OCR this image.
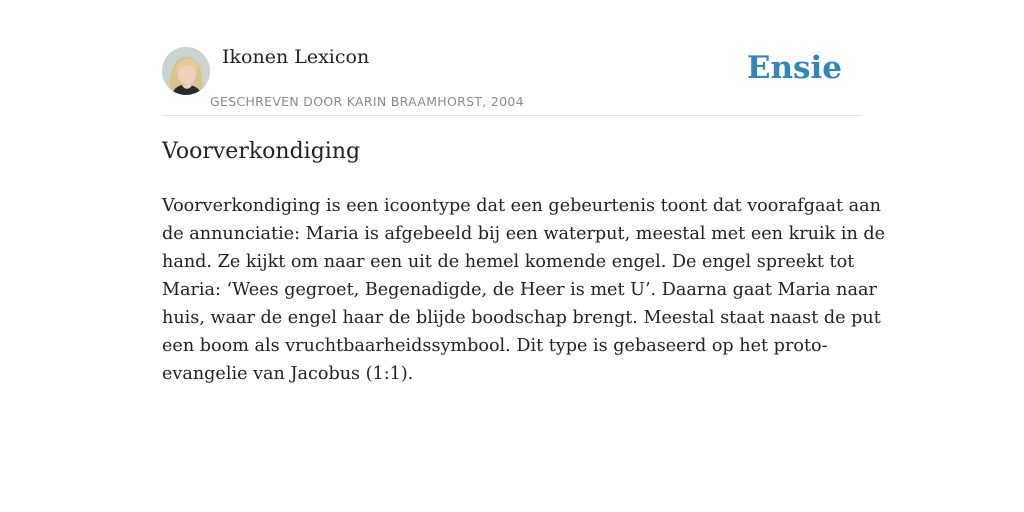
Ikonen Lexicon
GESCHREVEN DOOR KARIN BRAAMHORST, 2004
Ensie
Voorverkondiging

Voorverkondiging is een icoontype dat een gebeurtenis toont dat voorafgaat aan
de annunciatie: Maria is afgebeeld bij een waterput, meestal met een kruik in de
hand. Ze kijkt om naar een uit de hemel komende engel. De engel spreekt tot
Maria: ‘Wees gegroet, Begenadigde, de Heer is met U’. Daarna gaat Maria naar
huis, waar de engel haar de blijde boodschap brengt. Meestal staat naast de put
een boom als vruchtbaarheidssymbool. Dit type is gebaseerd op het proto-
evangelie van Jacobus (1:1).
